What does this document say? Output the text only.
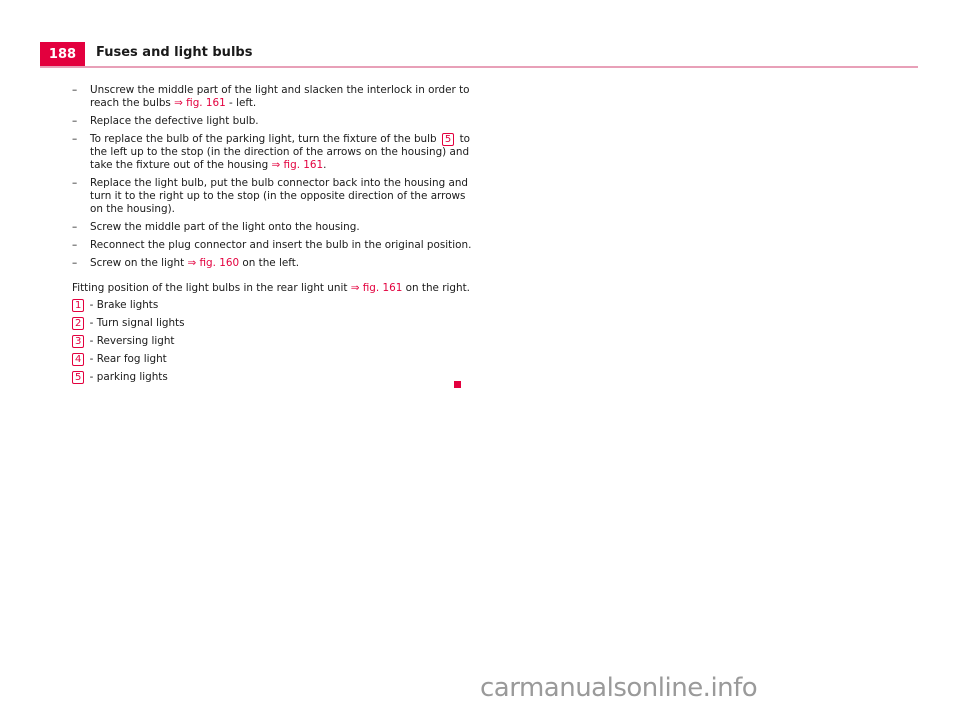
188	Fuses and light bulbs
– Unscrew the middle part of the light and slacken the interlock in order to reach the bulbs ⇒ fig. 161 - left.
– Replace the defective light bulb.
– To replace the bulb of the parking light, turn the fixture of the bulb 5 to the left up to the stop (in the direction of the arrows on the housing) and take the fixture out of the housing ⇒ fig. 161.
– Replace the light bulb, put the bulb connector back into the housing and turn it to the right up to the stop (in the opposite direction of the arrows on the housing).
– Screw the middle part of the light onto the housing.
– Reconnect the plug connector and insert the bulb in the original position.
– Screw on the light ⇒ fig. 160 on the left.
Fitting position of the light bulbs in the rear light unit ⇒ fig. 161 on the right.
1 - Brake lights
2 - Turn signal lights
3 - Reversing light
4 - Rear fog light
5 - parking lights
carmanualsonline.info
